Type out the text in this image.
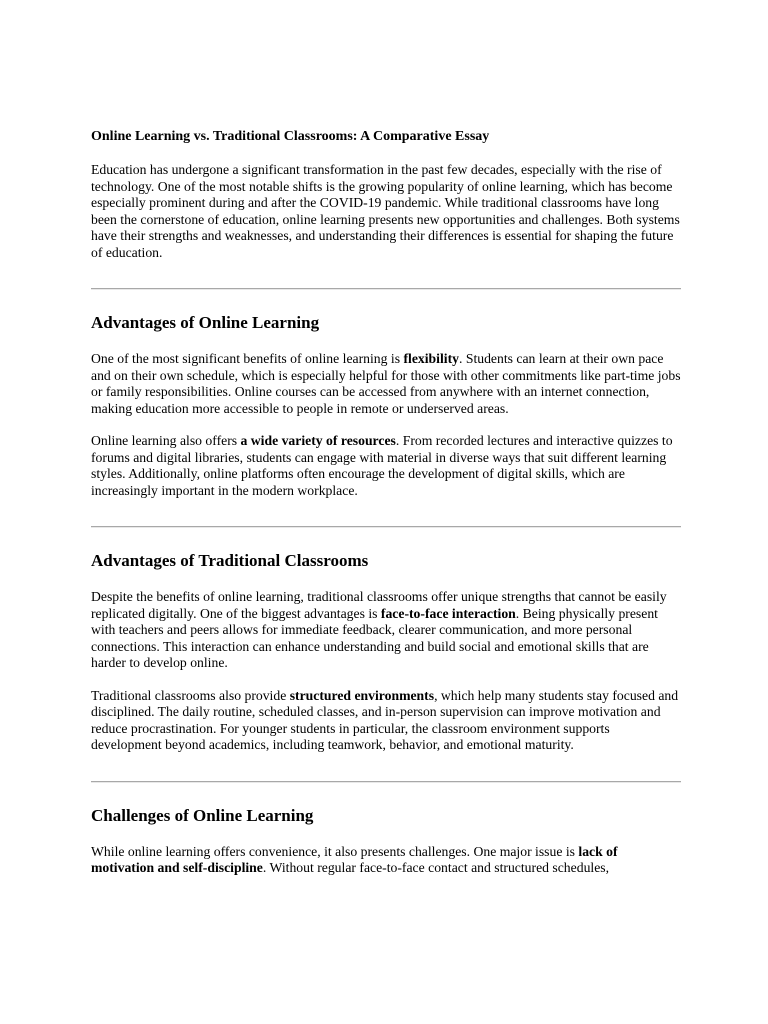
Online Learning vs. Traditional Classrooms: A Comparative Essay

Education has undergone a significant transformation in the past few decades, especially with the rise of technology. One of the most notable shifts is the growing popularity of online learning, which has become especially prominent during and after the COVID-19 pandemic. While traditional classrooms have long been the cornerstone of education, online learning presents new opportunities and challenges. Both systems have their strengths and weaknesses, and understanding their differences is essential for shaping the future of education.

Advantages of Online Learning

One of the most significant benefits of online learning is flexibility. Students can learn at their own pace and on their own schedule, which is especially helpful for those with other commitments like part-time jobs or family responsibilities. Online courses can be accessed from anywhere with an internet connection, making education more accessible to people in remote or underserved areas.

Online learning also offers a wide variety of resources. From recorded lectures and interactive quizzes to forums and digital libraries, students can engage with material in diverse ways that suit different learning styles. Additionally, online platforms often encourage the development of digital skills, which are increasingly important in the modern workplace.

Advantages of Traditional Classrooms

Despite the benefits of online learning, traditional classrooms offer unique strengths that cannot be easily replicated digitally. One of the biggest advantages is face-to-face interaction. Being physically present with teachers and peers allows for immediate feedback, clearer communication, and more personal connections. This interaction can enhance understanding and build social and emotional skills that are harder to develop online.

Traditional classrooms also provide structured environments, which help many students stay focused and disciplined. The daily routine, scheduled classes, and in-person supervision can improve motivation and reduce procrastination. For younger students in particular, the classroom environment supports development beyond academics, including teamwork, behavior, and emotional maturity.

Challenges of Online Learning

While online learning offers convenience, it also presents challenges. One major issue is lack of motivation and self-discipline. Without regular face-to-face contact and structured schedules,
